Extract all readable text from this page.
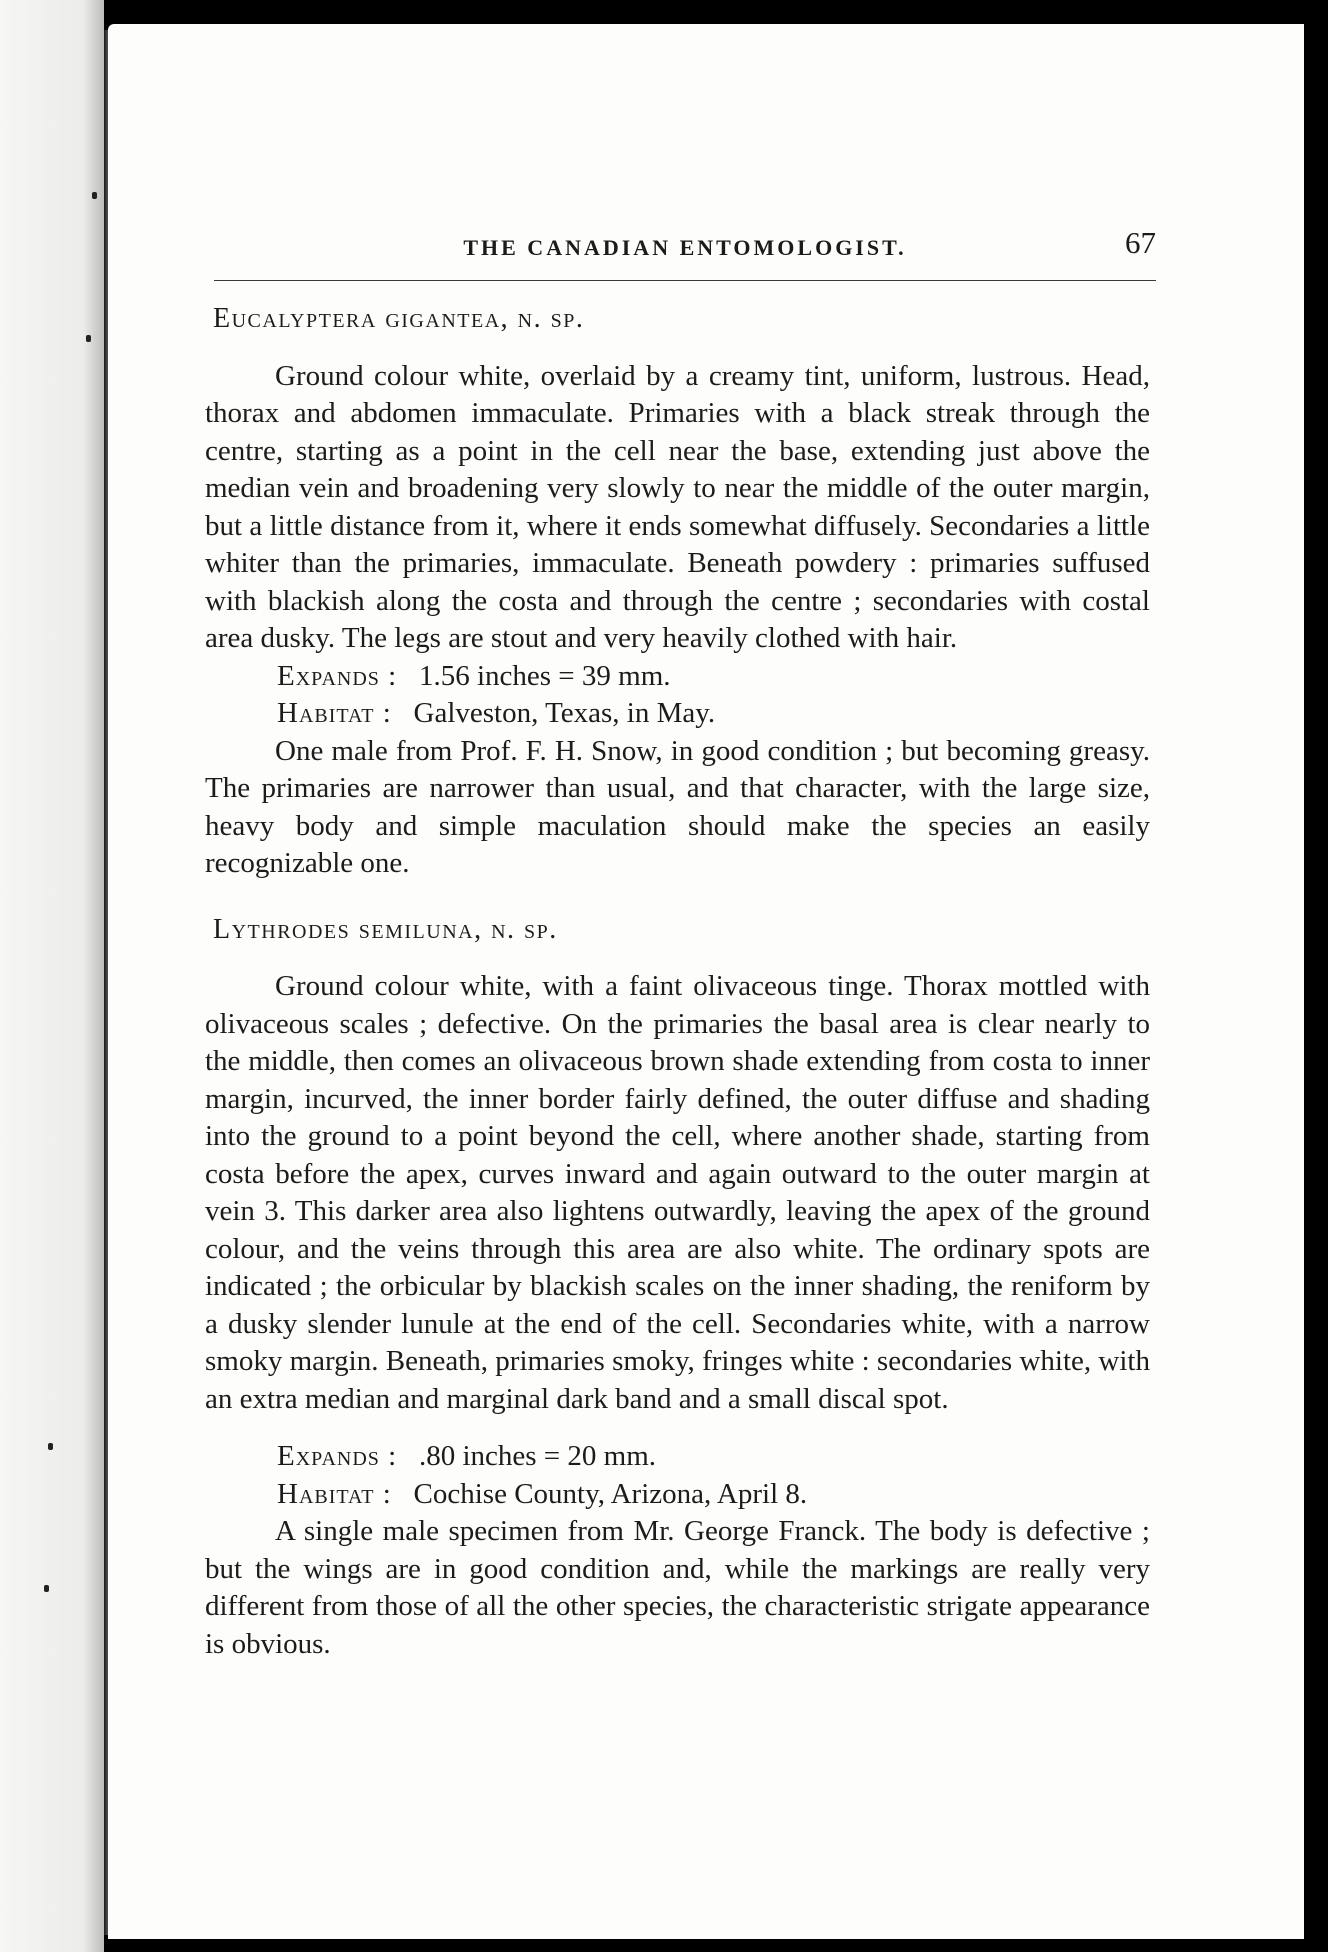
THE CANADIAN ENTOMOLOGIST.	67

Eucalyptera gigantea, n. sp.

Ground colour white, overlaid by a creamy tint, uniform, lustrous. Head, thorax and abdomen immaculate. Primaries with a black streak through the centre, starting as a point in the cell near the base, extending just above the median vein and broadening very slowly to near the middle of the outer margin, but a little distance from it, where it ends somewhat diffusely. Secondaries a little whiter than the primaries, immaculate. Beneath powdery : primaries suffused with blackish along the costa and through the centre ; secondaries with costal area dusky. The legs are stout and very heavily clothed with hair.

Expands : 1.56 inches = 39 mm.

Habitat : Galveston, Texas, in May.

One male from Prof. F. H. Snow, in good condition ; but becoming greasy. The primaries are narrower than usual, and that character, with the large size, heavy body and simple maculation should make the species an easily recognizable one.

Lythrodes semiluna, n. sp.

Ground colour white, with a faint olivaceous tinge. Thorax mottled with olivaceous scales ; defective. On the primaries the basal area is clear nearly to the middle, then comes an olivaceous brown shade extending from costa to inner margin, incurved, the inner border fairly defined, the outer diffuse and shading into the ground to a point beyond the cell, where another shade, starting from costa before the apex, curves inward and again outward to the outer margin at vein 3. This darker area also lightens outwardly, leaving the apex of the ground colour, and the veins through this area are also white. The ordinary spots are indicated ; the orbicular by blackish scales on the inner shading, the reniform by a dusky slender lunule at the end of the cell. Secondaries white, with a narrow smoky margin. Beneath, primaries smoky, fringes white : secondaries white, with an extra median and marginal dark band and a small discal spot.

Expands : .80 inches = 20 mm.

Habitat : Cochise County, Arizona, April 8.

A single male specimen from Mr. George Franck. The body is defective ; but the wings are in good condition and, while the markings are really very different from those of all the other species, the characteristic strigate appearance is obvious.
